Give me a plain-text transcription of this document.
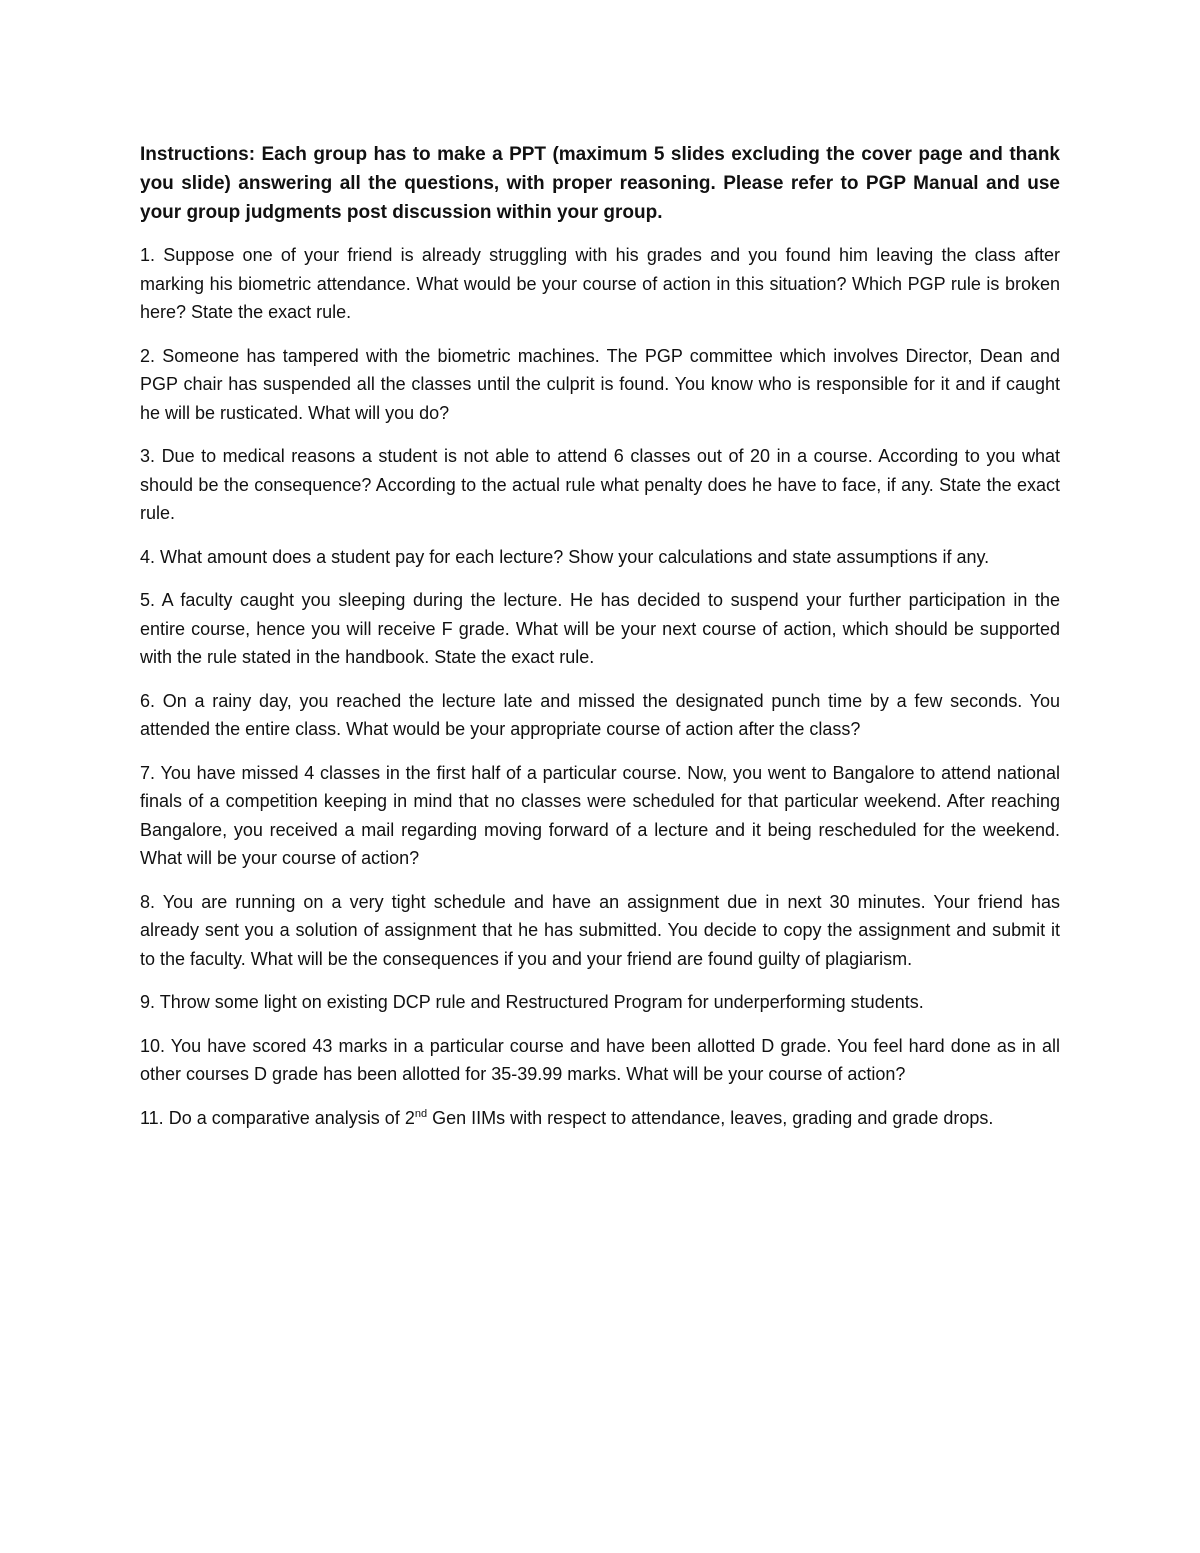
Instructions: Each group has to make a PPT (maximum 5 slides excluding the cover page and thank you slide) answering all the questions, with proper reasoning. Please refer to PGP Manual and use your group judgments post discussion within your group.

1. Suppose one of your friend is already struggling with his grades and you found him leaving the class after marking his biometric attendance. What would be your course of action in this situation? Which PGP rule is broken here? State the exact rule.

2. Someone has tampered with the biometric machines. The PGP committee which involves Director, Dean and PGP chair has suspended all the classes until the culprit is found. You know who is responsible for it and if caught he will be rusticated. What will you do?

3. Due to medical reasons a student is not able to attend 6 classes out of 20 in a course. According to you what should be the consequence? According to the actual rule what penalty does he have to face, if any. State the exact rule.

4. What amount does a student pay for each lecture? Show your calculations and state assumptions if any.

5. A faculty caught you sleeping during the lecture. He has decided to suspend your further participation in the entire course, hence you will receive F grade. What will be your next course of action, which should be supported with the rule stated in the handbook. State the exact rule.

6. On a rainy day, you reached the lecture late and missed the designated punch time by a few seconds. You attended the entire class. What would be your appropriate course of action after the class?

7. You have missed 4 classes in the first half of a particular course. Now, you went to Bangalore to attend national finals of a competition keeping in mind that no classes were scheduled for that particular weekend. After reaching Bangalore, you received a mail regarding moving forward of a lecture and it being rescheduled for the weekend. What will be your course of action?

8. You are running on a very tight schedule and have an assignment due in next 30 minutes. Your friend has already sent you a solution of assignment that he has submitted. You decide to copy the assignment and submit it to the faculty. What will be the consequences if you and your friend are found guilty of plagiarism.

9. Throw some light on existing DCP rule and Restructured Program for underperforming students.

10. You have scored 43 marks in a particular course and have been allotted D grade. You feel hard done as in all other courses D grade has been allotted for 35-39.99 marks. What will be your course of action?

11. Do a comparative analysis of 2nd Gen IIMs with respect to attendance, leaves, grading and grade drops.
